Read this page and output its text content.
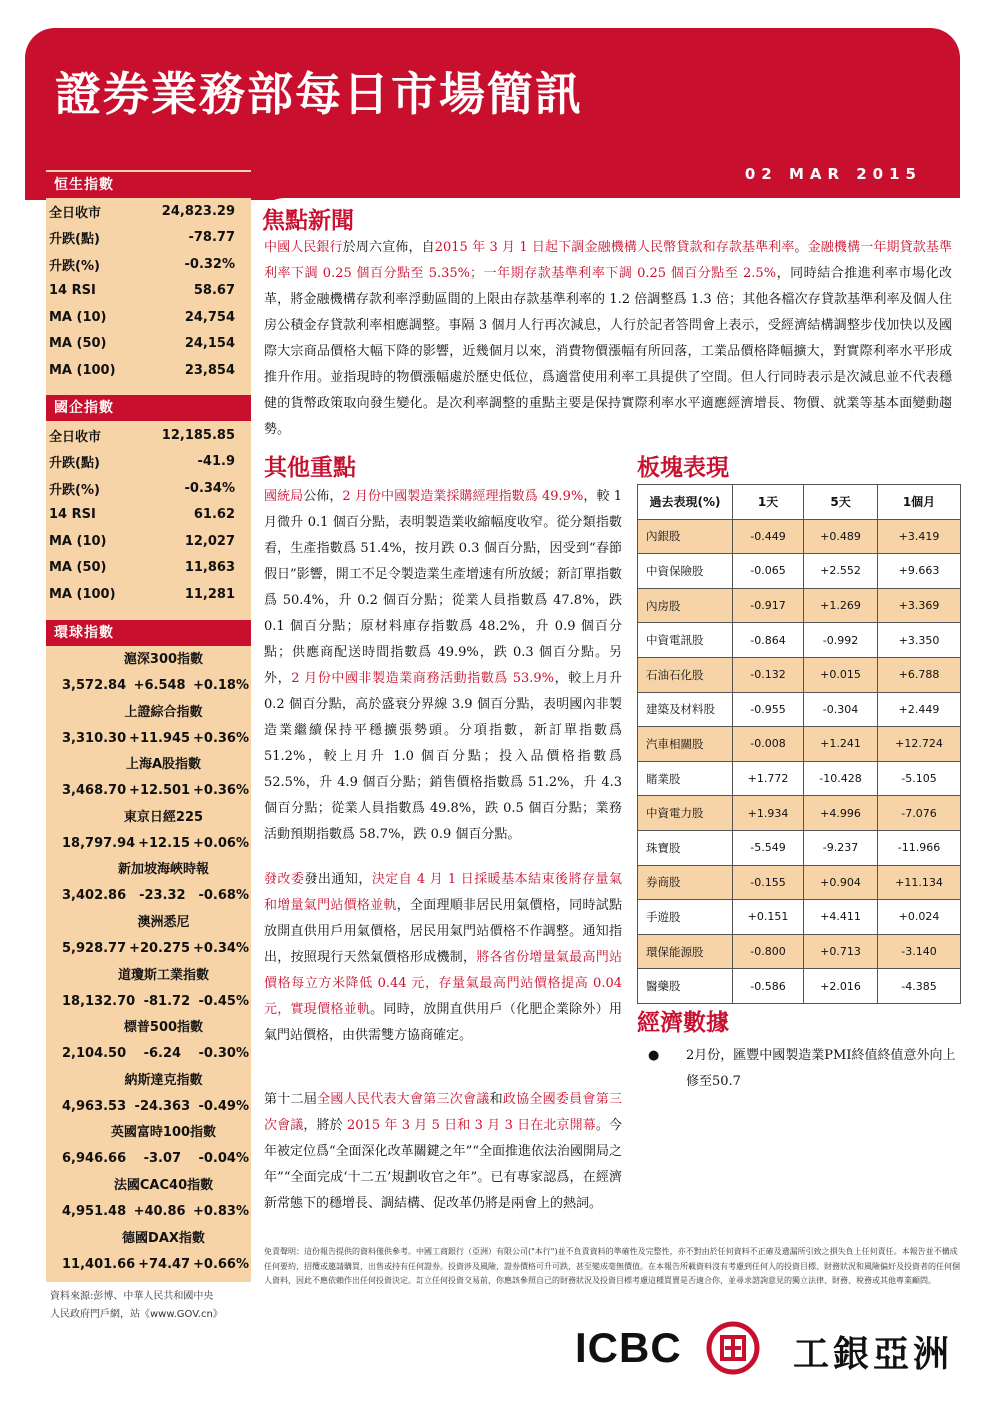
證券業務部每日市場簡訊
02 MAR 2015
恒生指數
全日收市	24,823.29
升跌(點)	-78.77
升跌(%)	-0.32%
14 RSI	58.67
MA (10)	24,754
MA (50)	24,154
MA (100)	23,854
國企指數
全日收市	12,185.85
升跌(點)	-41.9
升跌(%)	-0.34%
14 RSI	61.62
MA (10)	12,027
MA (50)	11,863
MA (100)	11,281
環球指數
滬深300指數
3,572.84 +6.548 +0.18%
上證綜合指數
3,310.30 +11.945 +0.36%
上海A股指數
3,468.70 +12.501 +0.36%
東京日經225
18,797.94 +12.15 +0.06%
新加坡海峽時報
3,402.86 -23.32 -0.68%
澳洲悉尼
5,928.77 +20.275 +0.34%
道瓊斯工業指數
18,132.70 -81.72 -0.45%
標普500指數
2,104.50 -6.24 -0.30%
納斯達克指數
4,963.53 -24.363 -0.49%
英國富時100指數
6,946.66 -3.07 -0.04%
法國CAC40指數
4,951.48 +40.86 +0.83%
德國DAX指數
11,401.66 +74.47 +0.66%
資料來源:彭博、中華人民共和國中央
人民政府門戶網，站《www.GOV.cn》
焦點新聞
中國人民銀行於周六宣佈，自2015 年 3 月 1 日起下調金融機構人民幣貸款和存款基準利率。金融機構一年期貸款基準利率下調 0.25 個百分點至 5.35%；一年期存款基準利率下調 0.25 個百分點至 2.5%，同時結合推進利率市場化改革，將金融機構存款利率浮動區間的上限由存款基準利率的 1.2 倍調整爲 1.3 倍；其他各檔次存貸款基準利率及個人住房公積金存貸款利率相應調整。事隔 3 個月人行再次減息，人行於記者答問會上表示，受經濟結構調整步伐加快以及國際大宗商品價格大幅下降的影響，近幾個月以來，消費物價漲幅有所回落，工業品價格降幅擴大，對實際利率水平形成推升作用。並指現時的物價漲幅處於歷史低位，爲適當使用利率工具提供了空間。但人行同時表示是次減息並不代表穩健的貨幣政策取向發生變化。是次利率調整的重點主要是保持實際利率水平適應經濟增長、物價、就業等基本面變動趨勢。
其他重點
國統局公佈，2 月份中國製造業採購經理指數爲 49.9%，較 1 月微升 0.1 個百分點，表明製造業收縮幅度收窄。從分類指數看，生產指數爲 51.4%，按月跌 0.3 個百分點，因受到“春節假日”影響，開工不足令製造業生產增速有所放緩；新訂單指數爲 50.4%，升 0.2 個百分點；從業人員指數爲 47.8%，跌 0.1 個百分點；原材料庫存指數爲 48.2%，升 0.9 個百分點；供應商配送時間指數爲 49.9%，跌 0.3 個百分點。另外，2 月份中國非製造業商務活動指數爲 53.9%，較上月升 0.2 個百分點，高於盛衰分界線 3.9 個百分點，表明國內非製造業繼續保持平穩擴張勢頭。分項指數，新訂單指數爲 51.2%，較上月升 1.0 個百分點；投入品價格指數爲 52.5%，升 4.9 個百分點；銷售價格指數爲 51.2%，升 4.3 個百分點；從業人員指數爲 49.8%，跌 0.5 個百分點；業務活動預期指數爲 58.7%，跌 0.9 個百分點。
發改委發出通知，決定自 4 月 1 日採暖基本結束後將存量氣和增量氣門站價格並軌，全面理順非居民用氣價格，同時試點放開直供用戶用氣價格，居民用氣門站價格不作調整。通知指出，按照現行天然氣價格形成機制，將各省份增量氣最高門站價格每立方米降低 0.44 元，存量氣最高門站價格提高 0.04 元，實現價格並軌。同時，放開直供用戶（化肥企業除外）用氣門站價格，由供需雙方協商確定。
第十二屆全國人民代表大會第三次會議和政協全國委員會第三次會議，將於 2015 年 3 月 5 日和 3 月 3 日在北京開幕。今年被定位爲“全面深化改革關鍵之年”“全面推進依法治國開局之年”“全面完成‘十二五’規劃收官之年”。已有專家認爲，在經濟新常態下的穩增長、調結構、促改革仍將是兩會上的熱詞。
板塊表現
過去表現(%)	1天	5天	1個月
內銀股	-0.449	+0.489	+3.419
中資保險股	-0.065	+2.552	+9.663
內房股	-0.917	+1.269	+3.369
中資電訊股	-0.864	-0.992	+3.350
石油石化股	-0.132	+0.015	+6.788
建築及材料股	-0.955	-0.304	+2.449
汽車相關股	-0.008	+1.241	+12.724
賭業股	+1.772	-10.428	-5.105
中資電力股	+1.934	+4.996	-7.076
珠寶股	-5.549	-9.237	-11.966
券商股	-0.155	+0.904	+11.134
手遊股	+0.151	+4.411	+0.024
環保能源股	-0.800	+0.713	-3.140
醫藥股	-0.586	+2.016	-4.385
經濟數據
● 2月份，匯豐中國製造業PMI終值終值意外向上修至50.7
免責聲明：這份報告提供的資料僅供參考。中國工商銀行（亞洲）有限公司("本行")並不負責資料的準確性及完整性，亦不對由於任何資料不正確及遺漏所引致之損失負上任何責任。本報告並不構成任何要約，招攬或邀請購買，出售或持有任何證券。投資涉及風險，證券價格可升可跌，甚至變成毫無價值。在本報告所載資料沒有考慮到任何人的投資目標、財務狀況和風險偏好及投資者的任何個人資料，因此不應依賴作出任何投資決定。訂立任何投資交易前，你應該參照自己的財務狀況及投資目標考慮這種買賣是否適合你，並尋求諮詢意見的獨立法律、財務、稅務或其他專業顧問。
ICBC	工銀亞洲
